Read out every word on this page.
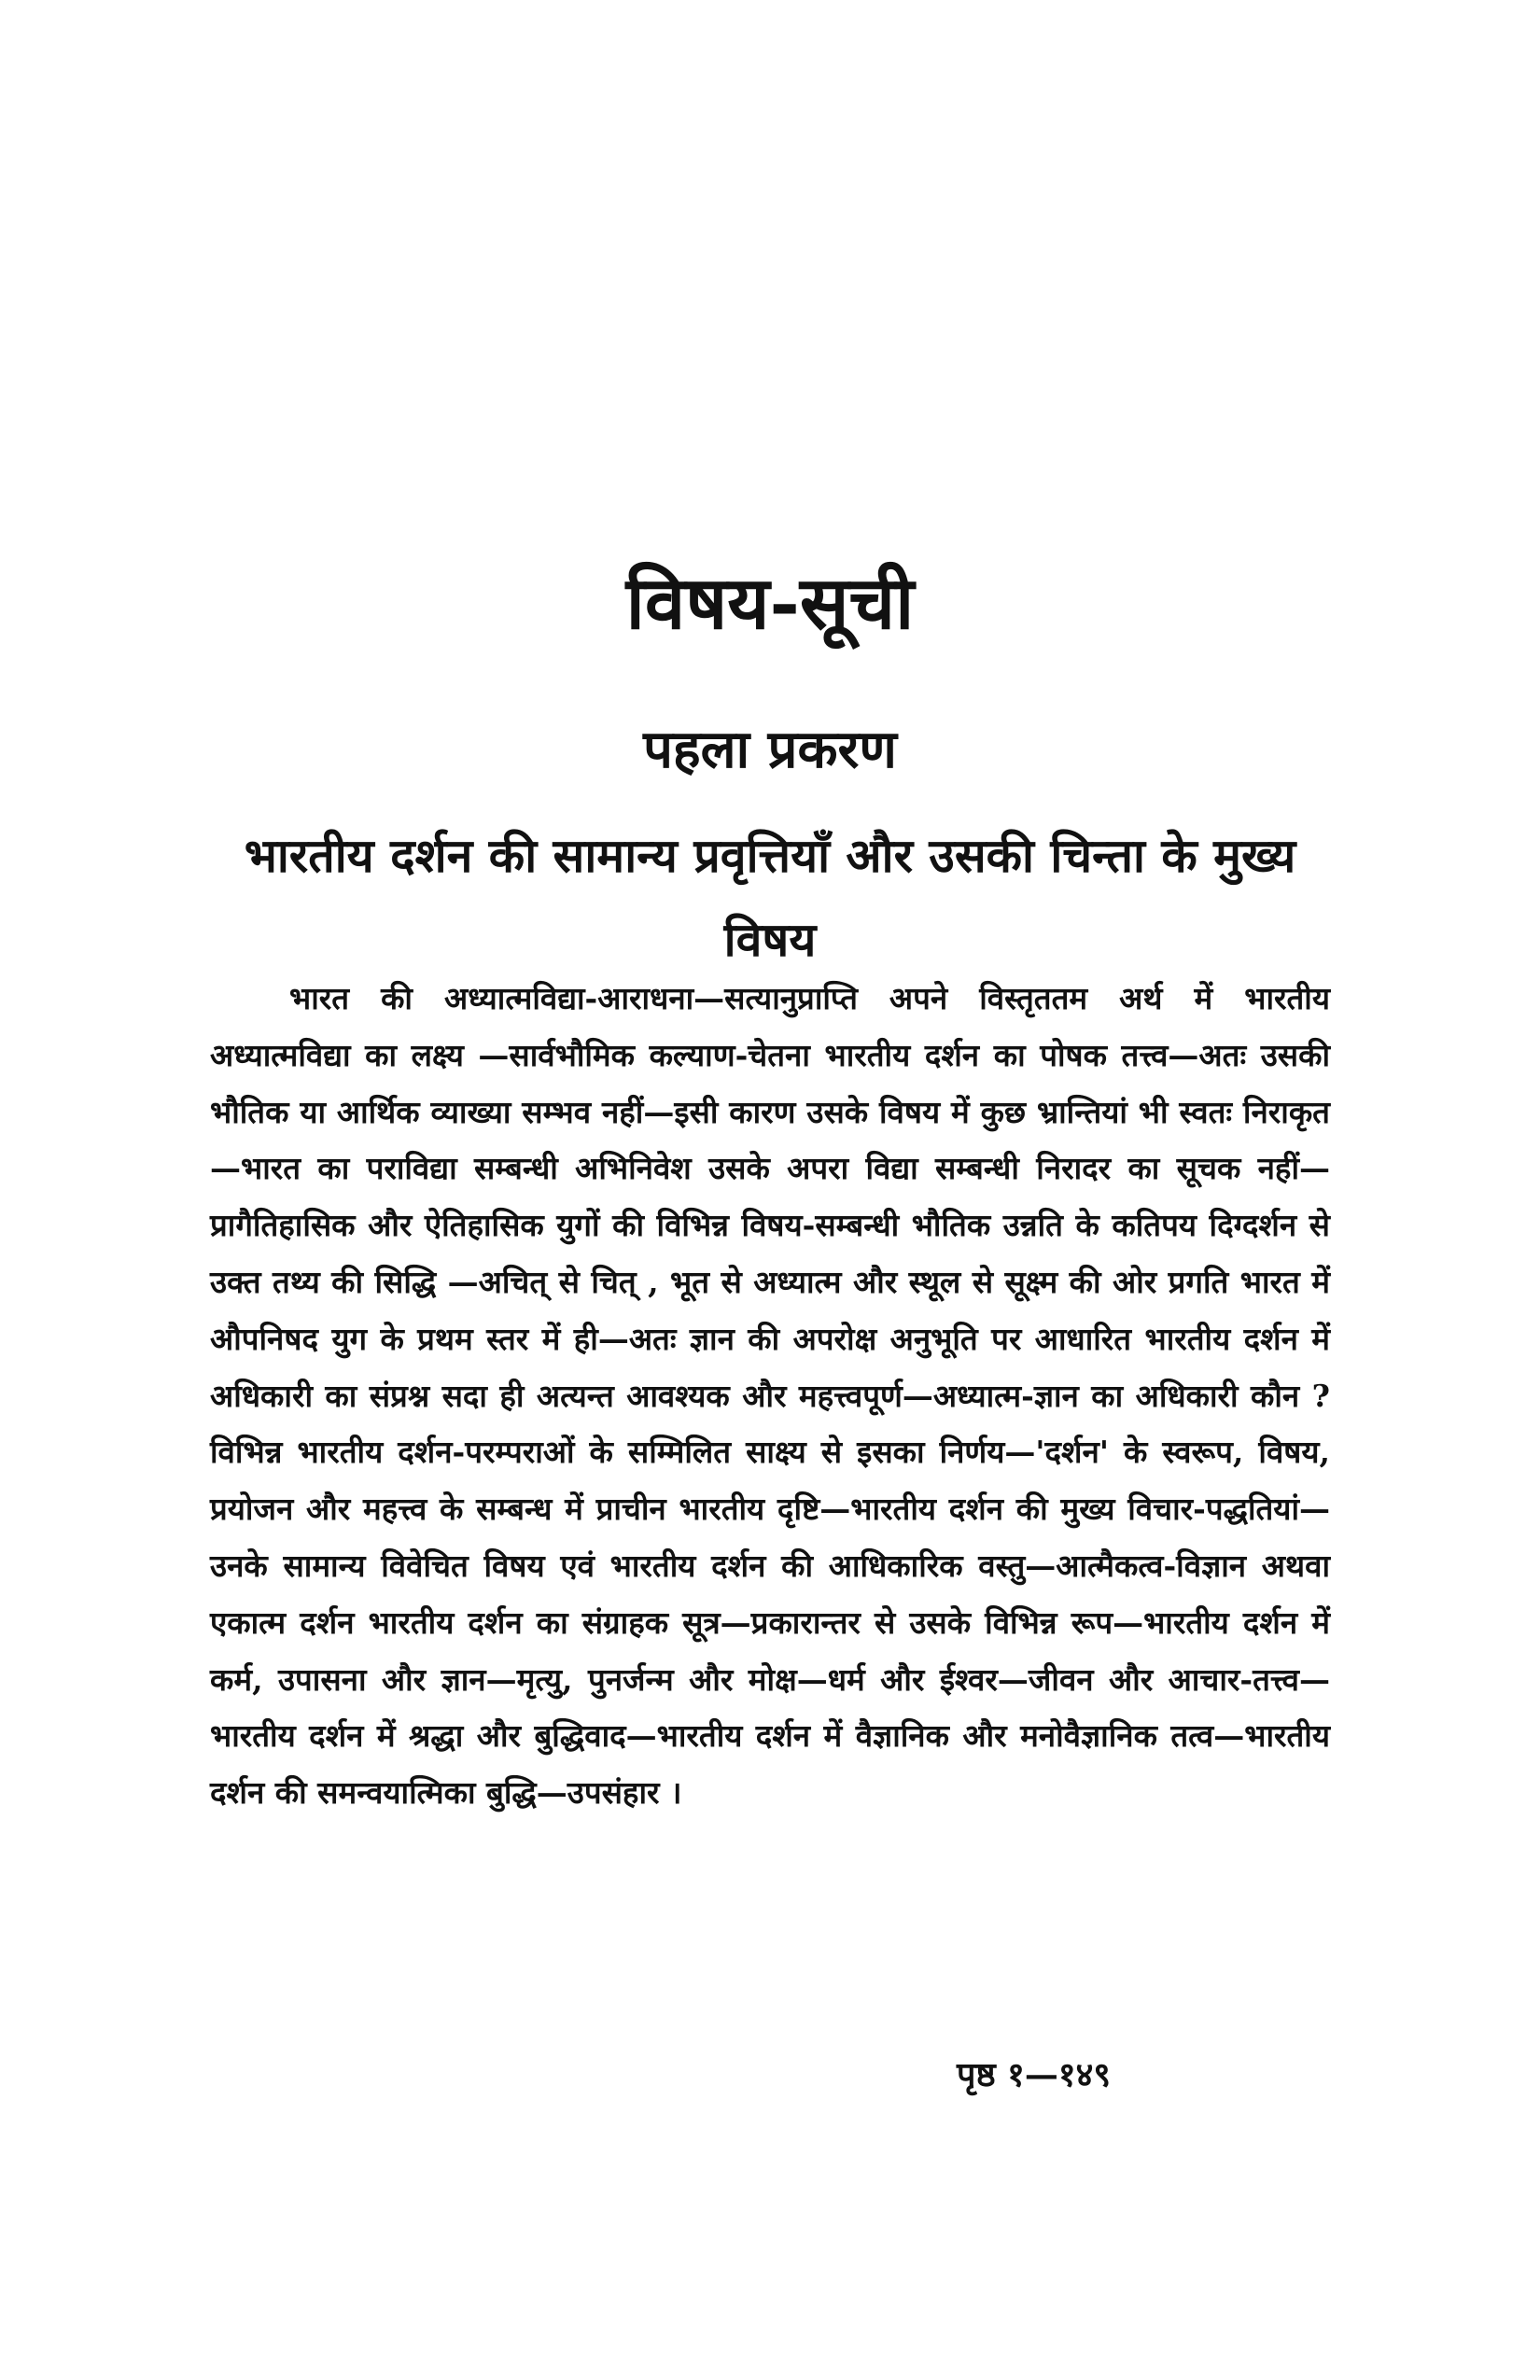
विषय-सूची
पहला प्रकरण
भारतीय दर्शन की सामान्य प्रवृत्तियाँ और उसकी चिन्ता के मुख्य विषय

भारत की अध्यात्मविद्या-आराधना—सत्यानुप्राप्ति अपने विस्तृततम अर्थ में भारतीय अध्यात्मविद्या का लक्ष्य —सार्वभौमिक कल्याण-चेतना भारतीय दर्शन का पोषक तत्त्व—अतः उसकी भौतिक या आर्थिक व्याख्या सम्भव नहीं—इसी कारण उसके विषय में कुछ भ्रान्तियां भी स्वतः निराकृत—भारत का पराविद्या सम्बन्धी अभिनिवेश उसके अपरा विद्या सम्बन्धी निरादर का सूचक नहीं—प्रागैतिहासिक और ऐतिहासिक युगों की विभिन्न विषय-सम्बन्धी भौतिक उन्नति के कतिपय दिग्दर्शन से उक्त तथ्य की सिद्धि —अचित् से चित् , भूत से अध्यात्म और स्थूल से सूक्ष्म की ओर प्रगति भारत में औपनिषद युग के प्रथम स्तर में ही—अतः ज्ञान की अपरोक्ष अनुभूति पर आधारित भारतीय दर्शन में अधिकारी का संप्रश्न सदा ही अत्यन्त आवश्यक और महत्त्वपूर्ण—अध्यात्म-ज्ञान का अधिकारी कौन ? विभिन्न भारतीय दर्शन-परम्पराओं के सम्मिलित साक्ष्य से इसका निर्णय—'दर्शन' के स्वरूप, विषय, प्रयोजन और महत्त्व के सम्बन्ध में प्राचीन भारतीय दृष्टि—भारतीय दर्शन की मुख्य विचार-पद्धतियां—उनके सामान्य विवेचित विषय एवं भारतीय दर्शन की आधिकारिक वस्तु—आत्मैकत्व-विज्ञान अथवा एकात्म दर्शन भारतीय दर्शन का संग्राहक सूत्र—प्रकारान्तर से उसके विभिन्न रूप—भारतीय दर्शन में कर्म, उपासना और ज्ञान—मृत्यु, पुनर्जन्म और मोक्ष—धर्म और ईश्वर—जीवन और आचार-तत्त्व—भारतीय दर्शन में श्रद्धा और बुद्धिवाद—भारतीय दर्शन में वैज्ञानिक और मनोवैज्ञानिक तत्व—भारतीय दर्शन की समन्वयात्मिका बुद्धि—उपसंहार ।

पृष्ठ १—१४९
